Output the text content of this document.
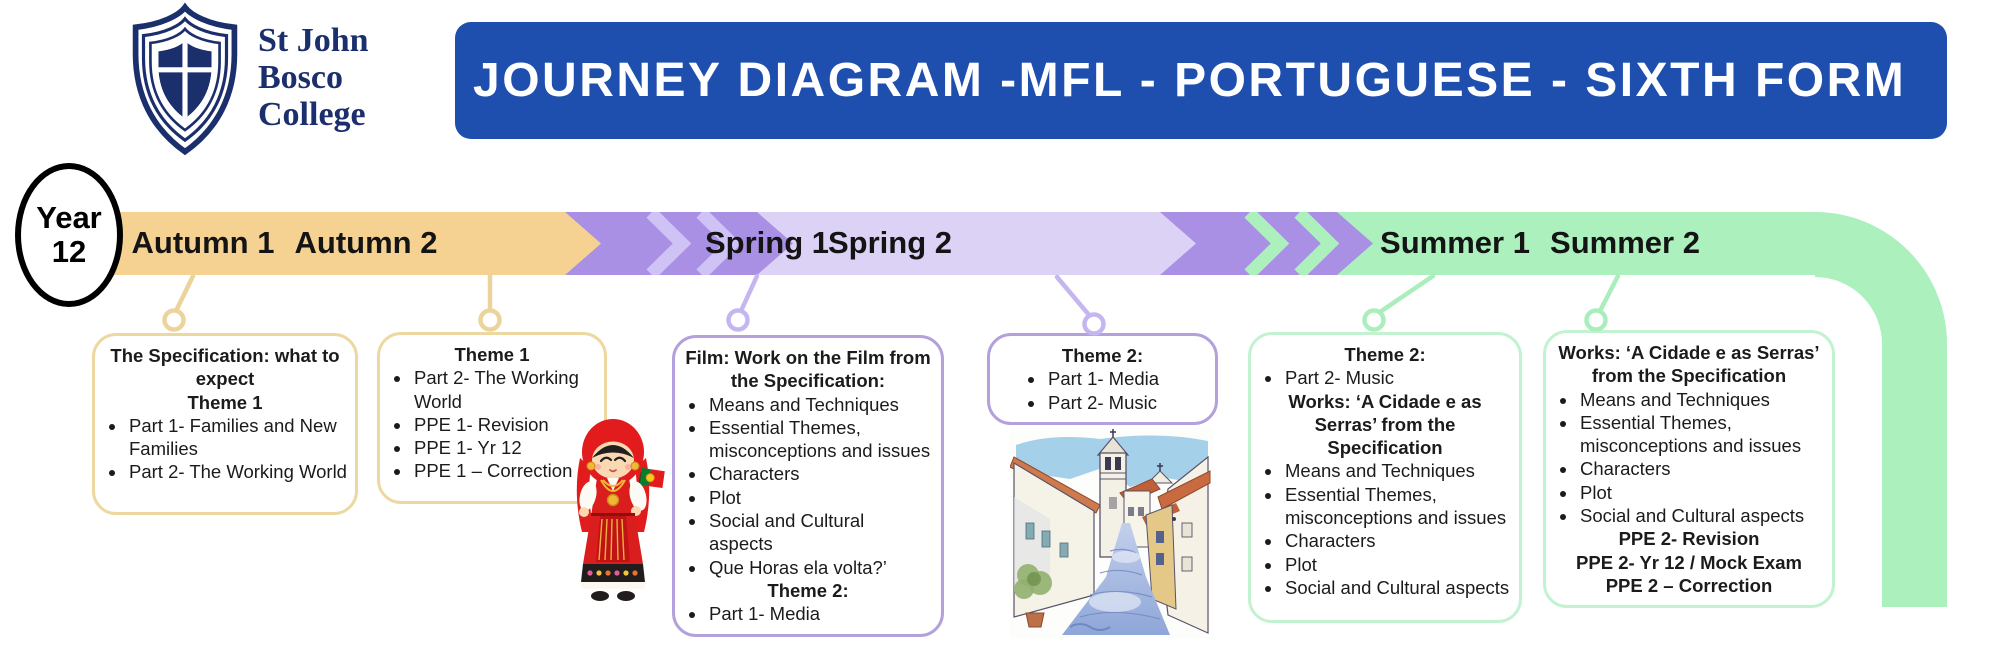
St John
Bosco
College
JOURNEY DIAGRAM -MFL - PORTUGUESE - SIXTH FORM
Year
12 Autumn 1 Autumn 2	Spring 1
Spring 2	Summer 1 Summer 2
The Specification: what to expect
Theme 1
• Part 1- Families and New Families
• Part 2- The Working World
Theme 1
• Part 2- The Working World
• PPE 1- Revision
• PPE 1- Yr 12
• PPE 1 – Correction
Film: Work on the Film from the Specification:
• Means and Techniques
• Essential Themes, misconceptions and issues
• Characters
• Plot
• Social and Cultural aspects
• Que Horas ela volta?’
Theme 2:
• Part 1- Media
Theme 2:
• Part 1- Media
• Part 2- Music
Theme 2:
• Part 2- Music
Works: ‘A Cidade e as Serras’ from the Specification
• Means and Techniques
• Essential Themes, misconceptions and issues
• Characters
• Plot
• Social and Cultural aspects
Works: ‘A Cidade e as Serras’ from the Specification
• Means and Techniques
• Essential Themes, misconceptions and issues
• Characters
• Plot
• Social and Cultural aspects
PPE 2- Revision
PPE 2- Yr 12 / Mock Exam
PPE 2 – Correction
